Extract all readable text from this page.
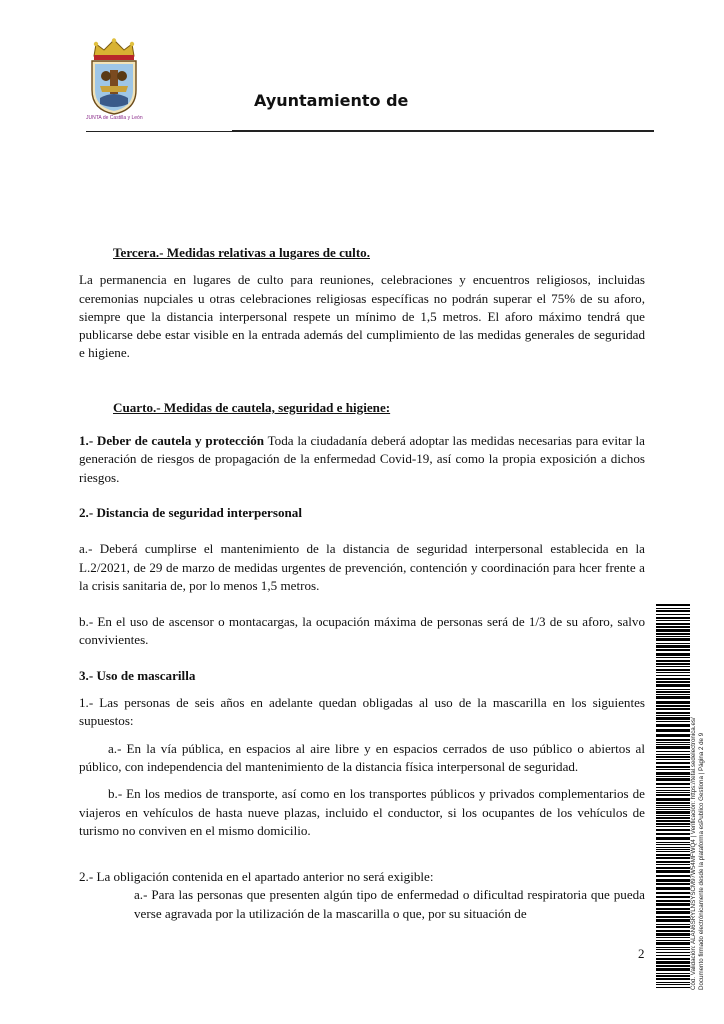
JUNTA de Castilla y León
Ayuntamiento de
Tercera.- Medidas relativas a lugares de culto.

La permanencia en lugares de culto para reuniones, celebraciones y encuentros religiosos, incluidas ceremonias nupciales u otras celebraciones religiosas específicas no podrán superar el 75% de su aforo, siempre que la distancia interpersonal respete un mínimo de 1,5 metros. El aforo máximo tendrá que publicarse debe estar visible en la entrada además del cumplimiento de las medidas generales de seguridad e higiene.

Cuarto.- Medidas de cautela, seguridad e higiene:

1.- Deber de cautela y protección Toda la ciudadanía deberá adoptar las medidas necesarias para evitar la generación de riesgos de propagación de la enfermedad Covid-19, así como la propia exposición a dichos riesgos.

2.- Distancia de seguridad interpersonal

a.- Deberá cumplirse el mantenimiento de la distancia de seguridad interpersonal establecida en la L.2/2021, de 29 de marzo de medidas urgentes de prevención, contención y coordinación para hcer frente a la crisis sanitaria de, por lo menos 1,5 metros.

b.- En el uso de ascensor o montacargas, la ocupación máxima de personas será de 1/3 de su aforo, salvo convivientes.

3.- Uso de mascarilla

1.- Las personas de seis años en adelante quedan obligadas al uso de la mascarilla en los siguientes supuestos:

a.- En la vía pública, en espacios al aire libre y en espacios cerrados de uso público o abiertos al público, con independencia del mantenimiento de la distancia física interpersonal de seguridad.

b.- En los medios de transporte, así como en los transportes públicos y privados complementarios de viajeros en vehículos de hasta nueve plazas, incluido el conductor, si los ocupantes de los vehículos de turismo no conviven en el mismo domicilio.

2.- La obligación contenida en el apartado anterior no será exigible:

a.- Para las personas que presenten algún tipo de enfermedad o dificultad respiratoria que pueda verse agravada por la utilización de la mascarilla o que, por su situación de

2	Cód. Validación: ALAN6SRYLNSYSCM97W54MFWQ4 | Verificación: https://tefal.sedelectronica.es/ Documento firmado electrónicamente desde la plataforma esPublico Gestiona | Página 2 de 9
